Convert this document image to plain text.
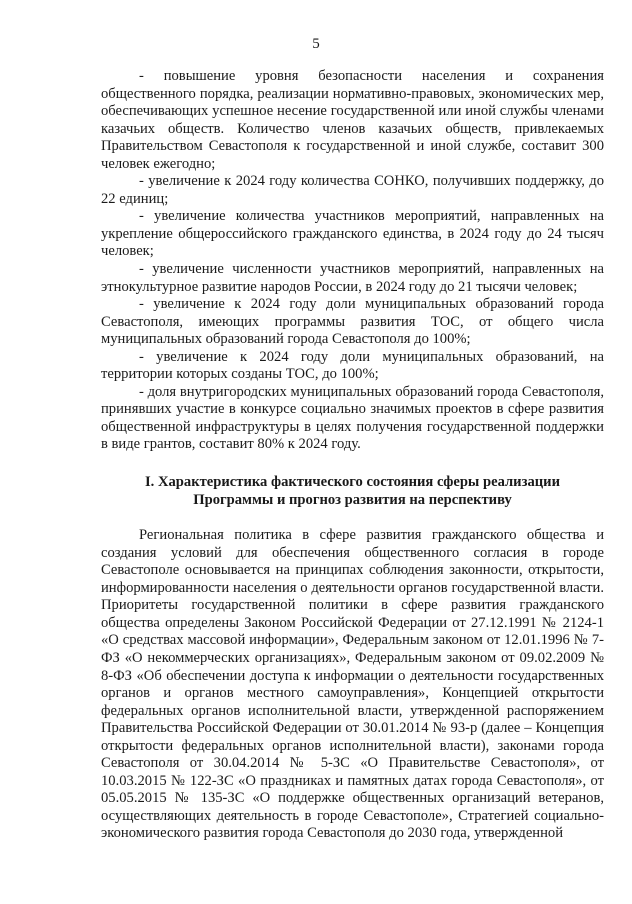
5

- повышение уровня безопасности населения и сохранения общественного порядка, реализации нормативно-правовых, экономических мер, обеспечивающих успешное несение государственной или иной службы членами казачьих обществ. Количество членов казачьих обществ, привлекаемых Правительством Севастополя к государственной и иной службе, составит 300 человек ежегодно;

- увеличение к 2024 году количества СОНКО, получивших поддержку, до 22 единиц;

- увеличение количества участников мероприятий, направленных на укрепление общероссийского гражданского единства, в 2024 году до 24 тысяч человек;

- увеличение численности участников мероприятий, направленных на этнокультурное развитие народов России, в 2024 году до 21 тысячи человек;

- увеличение к 2024 году доли муниципальных образований города Севастополя, имеющих программы развития ТОС, от общего числа муниципальных образований города Севастополя до 100%;

- увеличение к 2024 году доли муниципальных образований, на территории которых созданы ТОС, до 100%;

- доля внутригородских муниципальных образований города Севастополя, принявших участие в конкурсе социально значимых проектов в сфере развития общественной инфраструктуры в целях получения государственной поддержки в виде грантов, составит 80% к 2024 году.

I. Характеристика фактического состояния сферы реализации
Программы и прогноз развития на перспективу

Региональная политика в сфере развития гражданского общества и создания условий для обеспечения общественного согласия в городе Севастополе основывается на принципах соблюдения законности, открытости, информированности населения о деятельности органов государственной власти. Приоритеты государственной политики в сфере развития гражданского общества определены Законом Российской Федерации от 27.12.1991 № 2124-1 «О средствах массовой информации», Федеральным законом от 12.01.1996 № 7-ФЗ «О некоммерческих организациях», Федеральным законом от 09.02.2009 № 8-ФЗ «Об обеспечении доступа к информации о деятельности государственных органов и органов местного самоуправления», Концепцией открытости федеральных органов исполнительной власти, утвержденной распоряжением Правительства Российской Федерации от 30.01.2014 № 93-р (далее – Концепция открытости федеральных органов исполнительной власти), законами города Севастополя от 30.04.2014 № 5-ЗС «О Правительстве Севастополя», от 10.03.2015 № 122-ЗС «О праздниках и памятных датах города Севастополя», от 05.05.2015 № 135-ЗС «О поддержке общественных организаций ветеранов, осуществляющих деятельность в городе Севастополе», Стратегией социально-экономического развития города Севастополя до 2030 года, утвержденной
